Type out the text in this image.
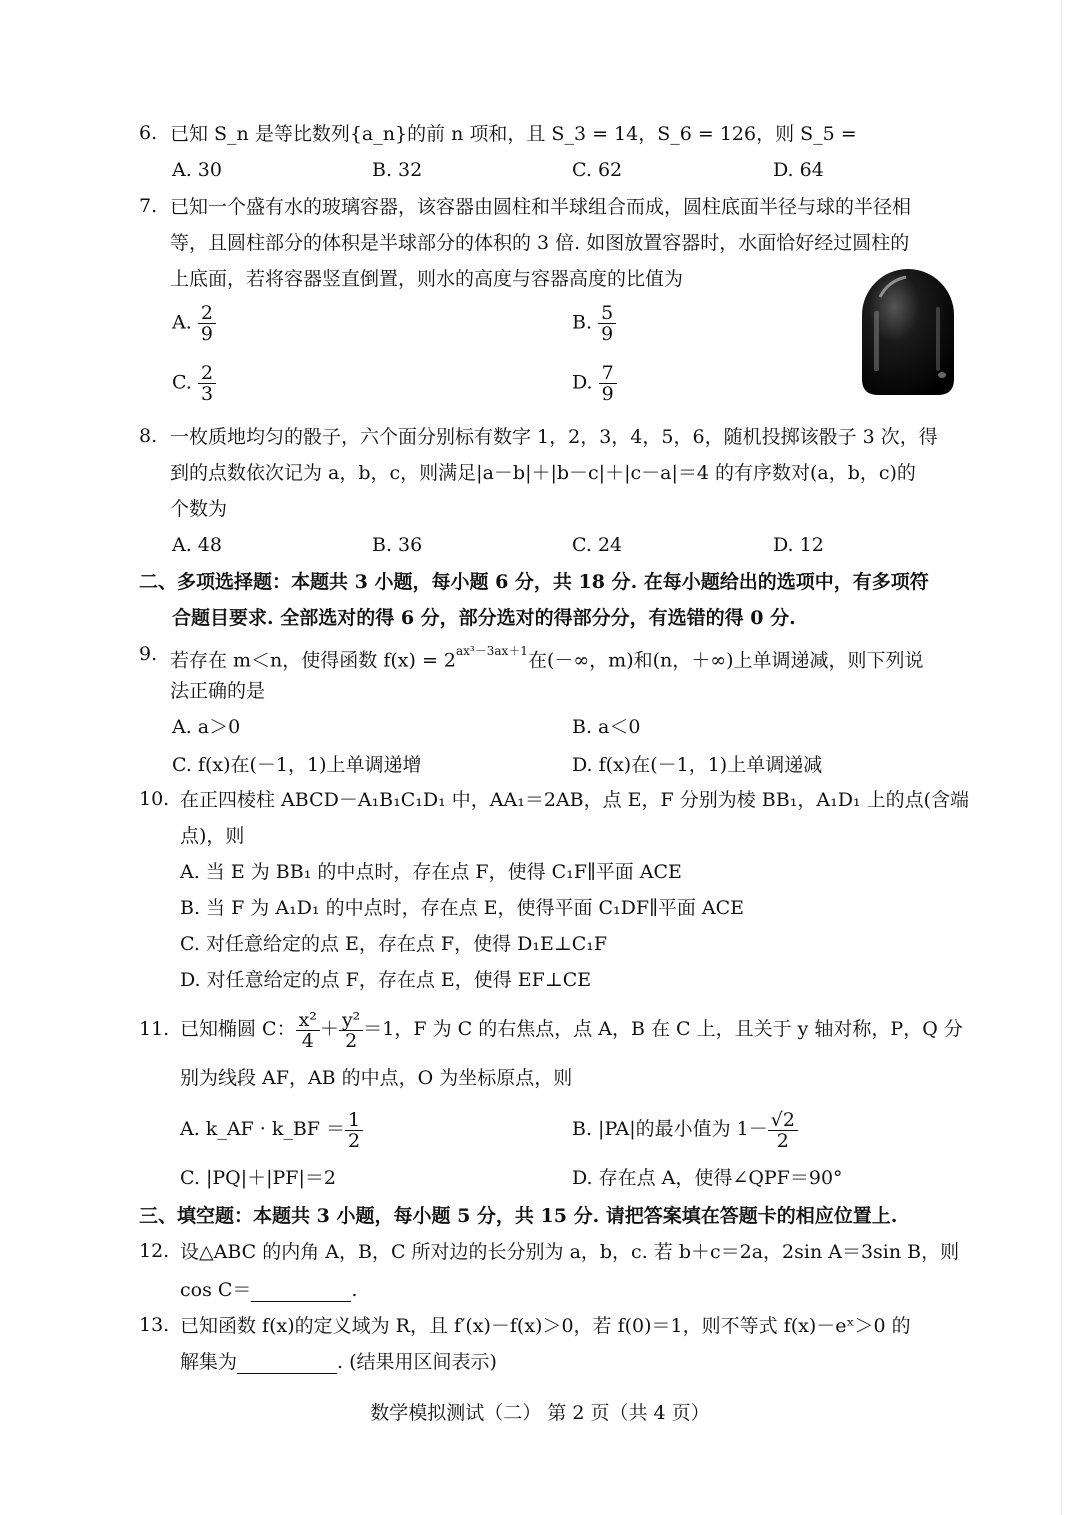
6. 已知 S_n 是等比数列{a_n}的前 n 项和，且 S_3 = 14，S_6 = 126，则 S_5 =
A. 30	B. 32	C. 62	D. 64
7. 已知一个盛有水的玻璃容器，该容器由圆柱和半球组合而成，圆柱底面半径与球的半径相
等，且圆柱部分的体积是半球部分的体积的 3 倍. 如图放置容器时，水面恰好经过圆柱的
上底面，若将容器竖直倒置，则水的高度与容器高度的比值为
A. $\frac{2}{9}$	B. $\frac{5}{9}$
C. $\frac{2}{3}$	D. $\frac{7}{9}$
8. 一枚质地均匀的骰子，六个面分别标有数字 1，2，3，4，5，6，随机投掷该骰子 3 次，得
到的点数依次记为 a，b，c，则满足|a－b|＋|b－c|＋|c－a|＝4 的有序数对(a，b，c)的
个数为
A. 48	B. 36	C. 24	D. 12
二、多项选择题：本题共 3 小题，每小题 6 分，共 18 分. 在每小题给出的选项中，有多项符
合题目要求. 全部选对的得 6 分，部分选对的得部分分，有选错的得 0 分.
9. 若存在 m＜n，使得函数 $f(x) = 2^{ax^3-3ax+1}$在(－∞，m)和(n，＋∞)上单调递减，则下列说
法正确的是
A. a＞0	B. a＜0
C. f(x)在(－1，1)上单调递增	D. f(x)在(－1，1)上单调递减
10. 在正四棱柱 ABCD－A₁B₁C₁D₁ 中，AA₁＝2AB，点 E，F 分别为棱 BB₁，A₁D₁ 上的点(含端
点)，则
A. 当 E 为 BB₁ 的中点时，存在点 F，使得 C₁F∥平面 ACE
B. 当 F 为 A₁D₁ 的中点时，存在点 E，使得平面 C₁DF∥平面 ACE
C. 对任意给定的点 E，存在点 F，使得 D₁E⊥C₁F
D. 对任意给定的点 F，存在点 E，使得 EF⊥CE
11. 已知椭圆 C： $\frac{\text{x²}}{4} + \frac{\text{y²}}{2} =1$，F 为 C 的右焦点，点 A，B 在 C 上，且关于 y 轴对称，P，Q 分
别为线段 AF，AB 的中点，O 为坐标原点，则
A. k_AF · k_BF ＝ $\frac{1}{2}$	B. |PA|的最小值为 $1- \frac{√2}{2}$
C. |PQ|＋|PF|＝2	D. 存在点 A，使得∠QPF＝90°
三、填空题：本题共 3 小题，每小题 5 分，共 15 分. 请把答案填在答题卡的相应位置上.
12. 设△ABC 的内角 A，B，C 所对边的长分别为 a，b，c. 若 b＋c＝2a，2sin A＝3sin B，则
cos C＝	.
13. 已知函数 f(x)的定义域为 R，且 f′(x)－f(x)＞0，若 f(0)＝1，则不等式 f(x)－eˣ＞0 的
解集为	. (结果用区间表示)
数学模拟测试（二） 第 2 页（共 4 页）
